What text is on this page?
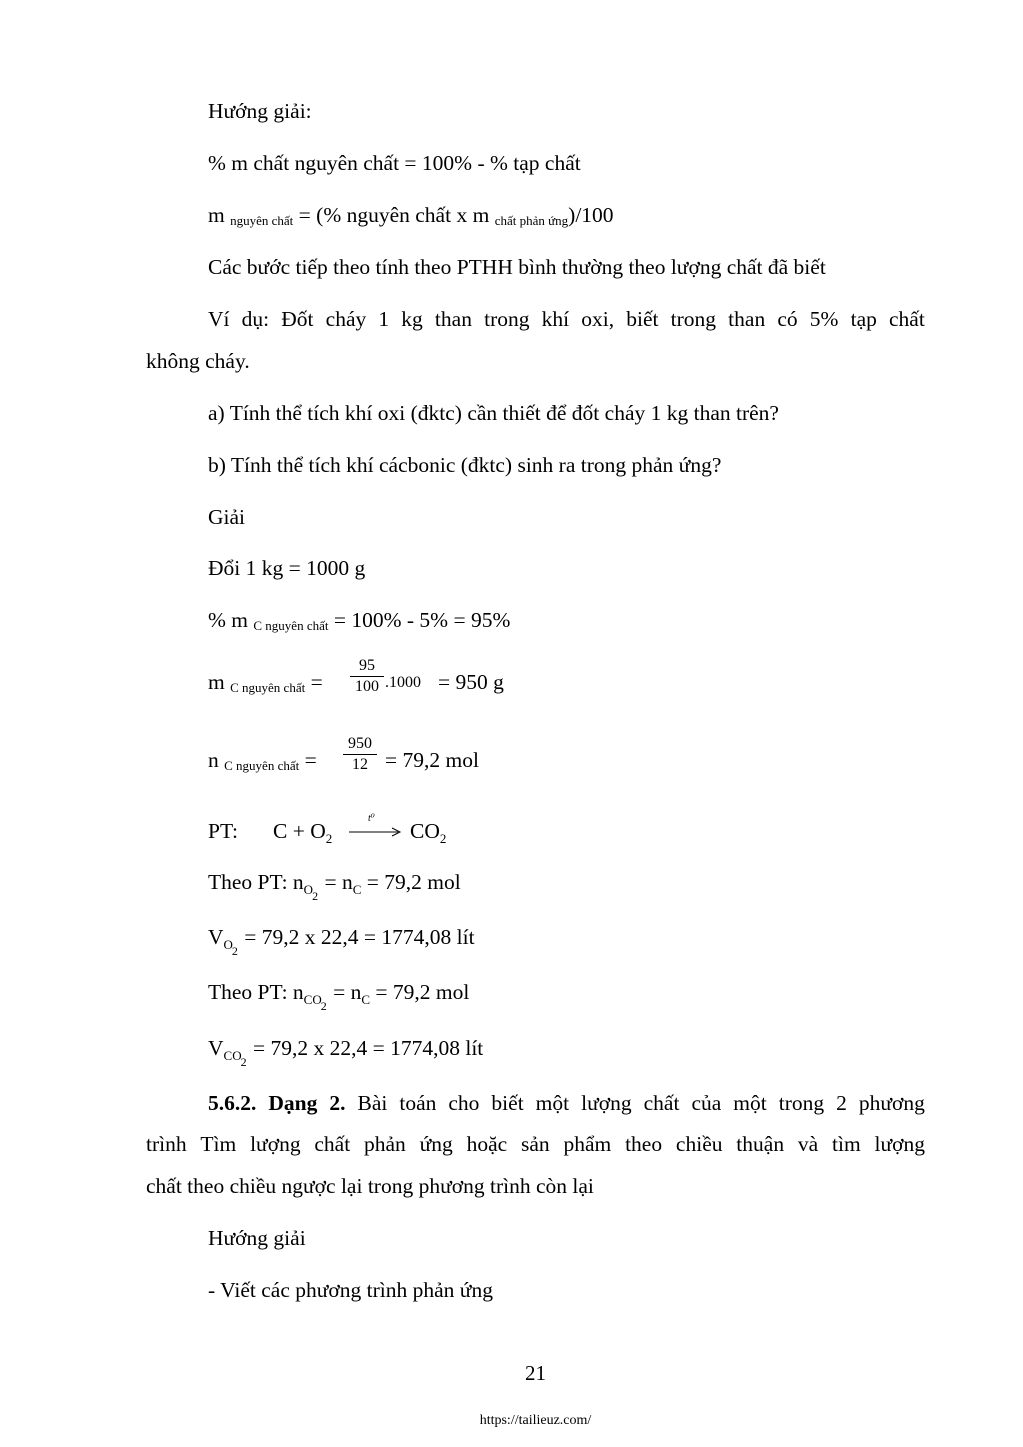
Hướng giải:
% m chất nguyên chất = 100% - % tạp chất
m nguyên chất = (% nguyên chất x m chất phản ứng)/100
Các bước tiếp theo tính theo PTHH bình thường theo lượng chất đã biết
Ví dụ: Đốt cháy 1 kg than trong khí oxi, biết trong than có 5% tạp chất
không cháy.
a) Tính thể tích khí oxi (đktc) cần thiết để đốt cháy 1 kg than trên?
b) Tính thể tích khí cácbonic (đktc) sinh ra trong phản ứng?
Giải
Đổi 1 kg = 1000 g
% m C nguyên chất = 100% - 5% = 95%
m C nguyên chất =
95
100 .1000 = 950 g
n C nguyên chất =
950
12 = 79,2 mol
PT: $C + O_2$
t⁰
→ $CO_2$
Theo PT: $n_{O2} = n_C = 79,2$ mol
$V_{O2} = 79,2$ x 22,4 = 1774,08 lít
Theo PT: $n_{CO2} = n_C = 79,2$ mol
$V_{CO2} = 79,2$ x 22,4 = 1774,08 lít
5.6.2. Dạng 2. Bài toán cho biết một lượng chất của một trong 2 phương
trình Tìm lượng chất phản ứng hoặc sản phẩm theo chiều thuận và tìm lượng
chất theo chiều ngược lại trong phương trình còn lại
Hướng giải
- Viết các phương trình phản ứng
21
https://tailieuz.com/
